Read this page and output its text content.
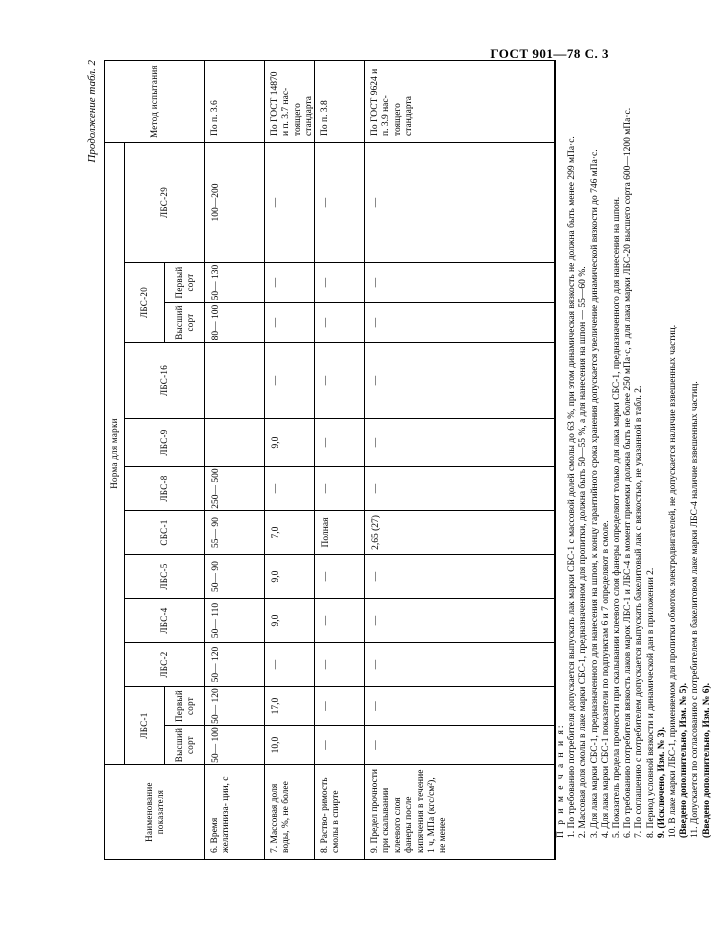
ГОСТ 901—78 С. 3
Продолжение табл. 2
Наименование показателя
Норма для марки
Метод испытания
ЛБС-1
ЛБС-2
ЛБС-4
ЛБС-5
СБС-1
ЛБС-8
ЛБС-9
ЛБС-16
ЛБС-20
ЛБС-29
Высший сорт
Первый сорт
Высший сорт
Первый сорт
6. Время желатиниза- ции, с
50— 100
50— 120
50— 120
50— 110
50— 90
55— 90
250— 500
80— 100
50— 130
100—200
По п. 3.6
7. Массовая доля воды, %, не более
10,0
17,0
—
9,0
9,0
7,0
—
9,0
—
—
—
—
По ГОСТ 14870 и п. 3.7 нас- тоящего стандарта
8. Раство- римость смолы в спирте
—
—
—
—
—
Полная
—
—
—
—
—
—
По п. 3.8
9. Предел прочности при скалывании клеевого слоя фанеры после кипячения в течение 1 ч, МПа (кгс/см²), не менее
—
—
—
—
—
2,65 (27)
—
—
—
—
—
—
По ГОСТ 9624 и п. 3.9 нас- тоящего стандарта

П р и м е ч а н и я: 1. По требованию потребителя допускается выпускать лак марки СБС-1 с массовой долей смолы до 63 %, при этом динамическая вязкость не должна быть менее 299 мПа·с. 2. Массовая доля смолы в лаке марки СБС-1, предназначенном для пропитки, должна быть 50—55 %, а для нанесения на шпон — 55—60 %. 3. Для лака марки СБС-1, предназначенного для нанесения на шпон, к концу гарантийного срока хранения допускается увеличение динамической вязкости до 746 мПа·с. 4. Для лака марки СБС-1 показатели по подпунктам 6 и 7 определяют в смоле. 5. Показатель предела прочности при скалывании клеевого слоя фанеры определяют только для лака марки СБС-1, предназначенного для нанесения на шпон. 6. По требованию потребителя вязкость лаков марок ЛБС-1 и ЛБС-4 в момент приемки должна быть не более 250 мПа·с, а для лака марки ЛБС-20 высшего сорта 600—1200 мПа·с. 7. По соглашению с потребителем допускается выпускать бакелитовый лак с вязкостью, не указанной в табл. 2. 8. Период условной вязкости и динамической дан в приложении 2. 9. (Исключено, Изм. № 3). 10. В лаке марки ЛБС-1, применяемом для пропитки обмоток электродвигателей, не допускается наличие взвешенных частиц. (Введено дополнительно, Изм. № 5). 11. Допускается по согласованию с потребителем в бакелитовом лаке марки ЛБС-4 наличие взвешенных частиц. (Введено дополнительно, Изм. № 6).
